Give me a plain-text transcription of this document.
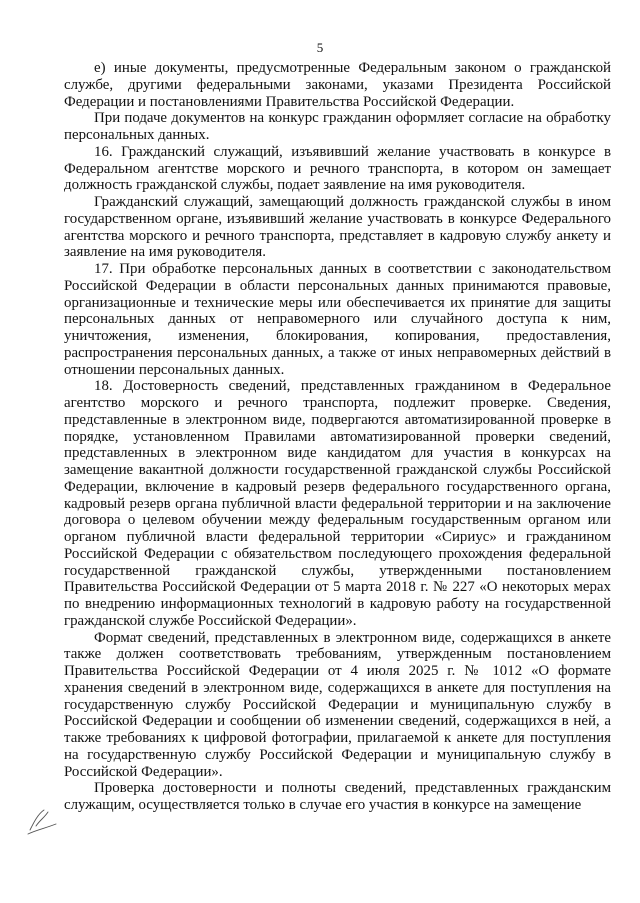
5

е) иные документы, предусмотренные Федеральным законом о гражданской службе, другими федеральными законами, указами Президента Российской Федерации и постановлениями Правительства Российской Федерации.

При подаче документов на конкурс гражданин оформляет согласие на обработку персональных данных.

16. Гражданский служащий, изъявивший желание участвовать в конкурсе в Федеральном агентстве морского и речного транспорта, в котором он замещает должность гражданской службы, подает заявление на имя руководителя.

Гражданский служащий, замещающий должность гражданской службы в ином государственном органе, изъявивший желание участвовать в конкурсе Федерального агентства морского и речного транспорта, представляет в кадровую службу анкету и заявление на имя руководителя.

17. При обработке персональных данных в соответствии с законодательством Российской Федерации в области персональных данных принимаются правовые, организационные и технические меры или обеспечивается их принятие для защиты персональных данных от неправомерного или случайного доступа к ним, уничтожения, изменения, блокирования, копирования, предоставления, распространения персональных данных, а также от иных неправомерных действий в отношении персональных данных.

18. Достоверность сведений, представленных гражданином в Федеральное агентство морского и речного транспорта, подлежит проверке. Сведения, представленные в электронном виде, подвергаются автоматизированной проверке в порядке, установленном Правилами автоматизированной проверки сведений, представленных в электронном виде кандидатом для участия в конкурсах на замещение вакантной должности государственной гражданской службы Российской Федерации, включение в кадровый резерв федерального государственного органа, кадровый резерв органа публичной власти федеральной территории и на заключение договора о целевом обучении между федеральным государственным органом или органом публичной власти федеральной территории «Сириус» и гражданином Российской Федерации с обязательством последующего прохождения федеральной государственной гражданской службы, утвержденными постановлением Правительства Российской Федерации от 5 марта 2018 г. № 227 «О некоторых мерах по внедрению информационных технологий в кадровую работу на государственной гражданской службе Российской Федерации».

Формат сведений, представленных в электронном виде, содержащихся в анкете также должен соответствовать требованиям, утвержденным постановлением Правительства Российской Федерации от 4 июля 2025 г. № 1012 «О формате хранения сведений в электронном виде, содержащихся в анкете для поступления на государственную службу Российской Федерации и муниципальную службу в Российской Федерации и сообщении об изменении сведений, содержащихся в ней, а также требованиях к цифровой фотографии, прилагаемой к анкете для поступления на государственную службу Российской Федерации и муниципальную службу в Российской Федерации».

Проверка достоверности и полноты сведений, представленных гражданским служащим, осуществляется только в случае его участия в конкурсе на замещение
